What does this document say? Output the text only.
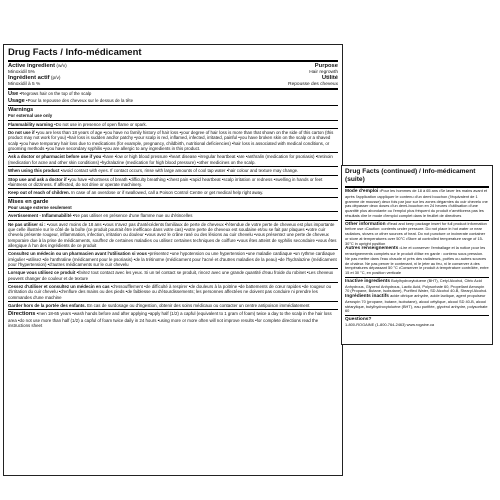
Drug Facts / Info-médicament
Active ingredient (w/v)	Purpose
Minoxidil 5%	Hair regrowth
Ingrédient actif (p/v)	Utilité
Minoxidil à 5 %	Repousse des cheveux

Use •Regrows hair on the top of the scalp

Usage •Pour la repousse des cheveux sur le dessus de la tête

Warnings

For external use only

Flammability warning •Do not use in presence of open flame or spark.

Do not use if •you are less than 18 years of age •you have no family history of hair loss •your degree of hair loss is more than that shown on the side of this carton (this product may not work for you) •hair loss is sudden and/or patchy •your scalp is red, inflamed, infected, irritated, painful •you have broken skin on the scalp or a shaved scalp •you have temporary hair loss due to medications (for example, pregnancy, childbirth, nutritional deficiencies) •hair loss is associated with medical conditions, or grooming methods •you have secondary syphilis •you are allergic to any ingredients in this product.

Ask a doctor or pharmacist before use if you •have •low or high blood pressure •heart disease •irregular heartbeat •are •anthralin (medication for psoriasis) •tretinoin (medication for acne and other skin conditions) •hydralazine (medication for high blood pressure) •other medicines on the scalp.

When using this product •avoid contact with eyes. If contact occurs, rinse with large amounts of cool tap water •hair colour and texture may change.

Stop use and ask a doctor if •you have •shortness of breath •difficulty breathing •chest pain •rapid heartbeat •scalp irritation or redness •swelling in hands or feet •faintness or dizziness. If affected, do not drive or operate machinery.

Keep out of reach of children. In case of an overdose or if swallowed, call a Poison Control Centre or get medical help right away.

Mises en garde

Pour usage externe seulement

Avertissement - Inflammabilité •Ne pas utiliser en présence d'une flamme nue ou d'étincelles

Ne pas utiliser si : •vous avez moins de 18 ans •vous n'avez pas d'antécédents familiaux de perte de cheveux •l'étendue de votre perte de cheveux est plus importante que celle illustrée sur le côté de la boîte (ce produit pourrait être inefficace dans votre cas) •votre perte de cheveux est soudaine et/ou se fait par plaques •votre cuir chevelu présente rougeur, inflammation, infection, irritation ou douleur •vous avez le crâne rasé ou des lésions au cuir chevelu •vous présentez une perte de cheveux temporaire due à la prise de médicaments, souffrez de certaines maladies ou utilisez certaines techniques de coiffure •vous êtes atteint de syphilis secondaire •vous êtes allergique à l'un des ingrédients de ce produit

Consultez un médecin ou un pharmacien avant l'utilisation si vous •présentez •une hypotension ou une hypertension •une maladie cardiaque •un rythme cardiaque irrégulier •utilisez •de l'anthraline (médicament pour le psoriasis) •de la trétinoïne (médicament pour l'acné et d'autres maladies de la peau) •de l'hydralazine (médicament pour l'hypertension) •d'autres médicaments sur le cuir chevelu

Lorsque vous utilisez ce produit •Évitez tout contact avec les yeux. Si un tel contact se produit, rincez avec une grande quantité d'eau froide du robinet •Les cheveux peuvent changer de couleur et de texture

Cessez d'utiliser et consultez un médecin en cas •d'essoufflement •de difficulté à respirer •de douleurs à la poitrine •de battements de cœur rapides •de rougeur ou d'irritation du cuir chevelu •d'enflure des mains ou des pieds •de faiblesse ou d'étourdissements; les personnes affectées ne doivent pas conduire ni prendre les commandes d'une machine

Garder hors de la portée des enfants. En cas de surdosage ou d'ingestion, obtenir des soins médicaux ou contacter un centre antipoison immédiatement

Directions •men 18-65 years •wash hands before and after applying •apply half (1/2) a capful (equivalent to 1 gram of foam) twice a day to the scalp in the hair loss area •do not use more than half (1/2) a capful of foam twice daily in 24 hours •using more or more often will not improve results •for complete directions read the instructions sheet

Drug Facts (continued) / Info-médicament (suite)

Mode d'emploi •Pour les hommes de 18 à 65 ans •Se laver les mains avant et après l'application •appliquer le contenu d'un demi bouchon (l'équivalent de 1 gramme de mousse) deux fois par jour sur les zones dégarnies du cuir chevelu •ne pas dépasser deux doses d'un demi-bouchon en 24 heures •l'utilisation d'une quantité plus abondante ou l'emploi plus fréquent du produit n'améliorera pas les résultats •lire le mode d'emploi complet dans le feuillet de directives

Other information •Read and keep package insert for full product information before use •Caution: contents under pressure. Do not place in hot water or near radiators, stoves or other sources of heat. Do not puncture or incinerate container or store at temperatures over 50°C •Store at controlled temperature range of 15-30°C in upright position

Autres renseignements •Lire et conserver l'emballage et la notice pour les renseignements complets sur le produit •Mise en garde : contenu sous pression. Ne pas mettre dans l'eau chaude ni près des radiateurs, poêles ou autres sources de chaleur. Ne pas percer le contenant, ni le jeter au feu, ni le conserver à des températures dépassant 50 °C •Conserver le produit à température contrôlée, entre 15 et 30 °C, en position verticale

Inactive ingredients Butylhydroxytoluene (BHT), Cetyl Alcohol, Citric Acid Anhydrous, Glycerol Anhydrous, Lactic Acid, Polysorbate 60, Propellant Aerospin 70 (Propane, Butane, Isobutane), Purified Water, SD Alcohol 40-B, Stearyl Alcohol.

Ingrédients inactifs acide citrique anhydre, acide lactique, agent propulseur Aerospin 70 (propane, butane, isobutane), alcool cétylique, alcool SD 40-B, alcool stéarylique, butylhydroxytoluène (BHT), eau purifiée, glycérol anhydre, polysorbate 60

Questions?

1-800-ROGAINE (1-800-764-2463) www.rogaine.ca
